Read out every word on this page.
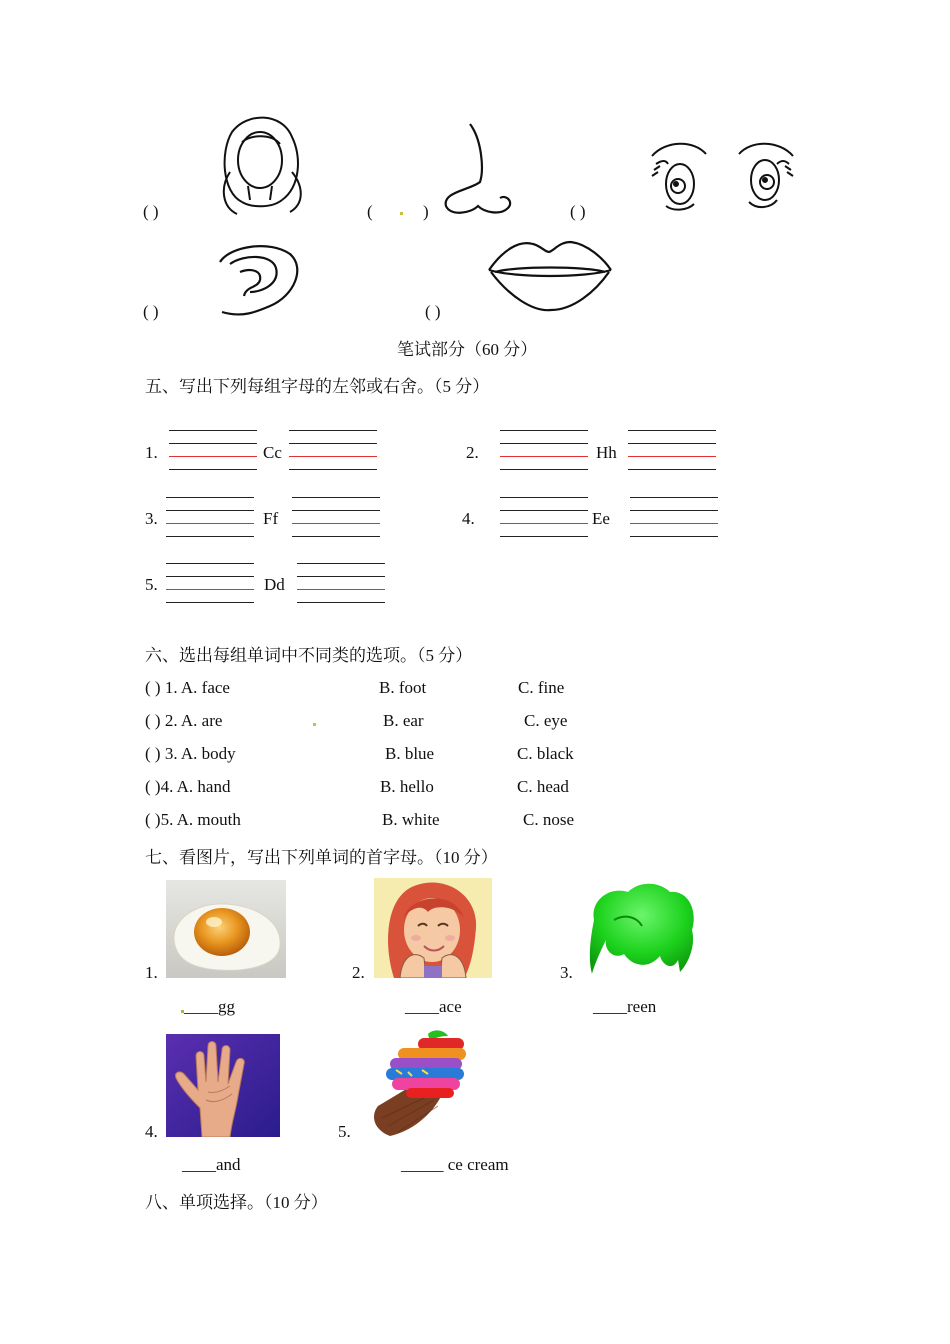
( )	(	)	( )
( )	( )
笔试部分（60 分）
五、写出下列每组字母的左邻或右舍。（5 分）
1.	Cc	2.	Hh
3.	Ff	4.	Ee
5.	Dd
六、选出每组单词中不同类的选项。（5 分）
( ) 1. A. face	B. foot	C. fine
( ) 2. A. are	B. ear	C. eye
( ) 3. A. body	B. blue	C. black
( )4. A. hand	B. hello	C. head
( )5. A. mouth	B. white	C. nose
七、看图片，写出下列单词的首字母。（10 分）
1.
____gg
2.
____ace
3.
____reen
4.
____and
5.
_____ ce cream
八、单项选择。（10 分）
